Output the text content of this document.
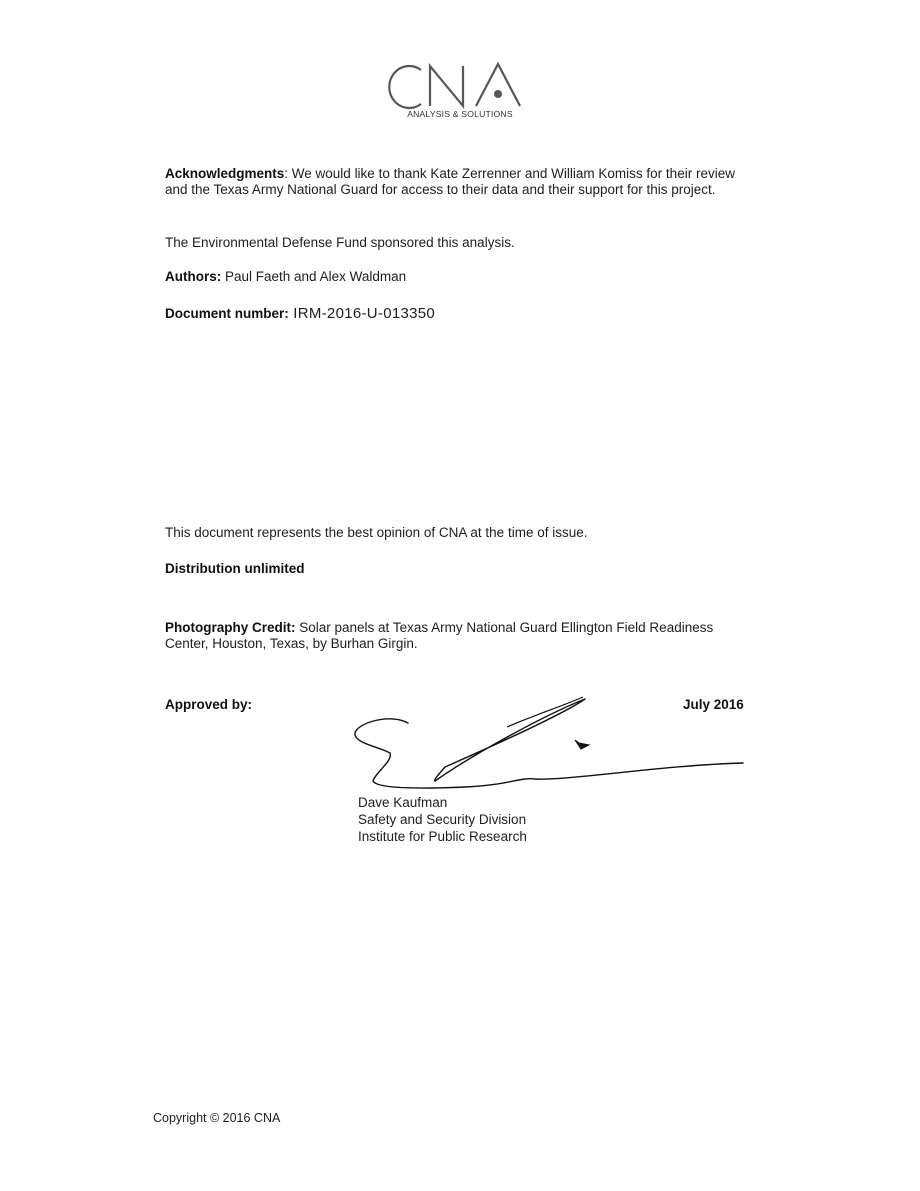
ANALYSIS & SOLUTIONS

Acknowledgments: We would like to thank Kate Zerrenner and William Komiss for their review and the Texas Army National Guard for access to their data and their support for this project.

The Environmental Defense Fund sponsored this analysis.

Authors: Paul Faeth and Alex Waldman

Document number: IRM-2016-U-013350

This document represents the best opinion of CNA at the time of issue.

Distribution unlimited

Photography Credit: Solar panels at Texas Army National Guard Ellington Field Readiness Center, Houston, Texas, by Burhan Girgin.

Approved by:	July 2016

Dave Kaufman
Safety and Security Division
Institute for Public Research

Copyright © 2016 CNA
